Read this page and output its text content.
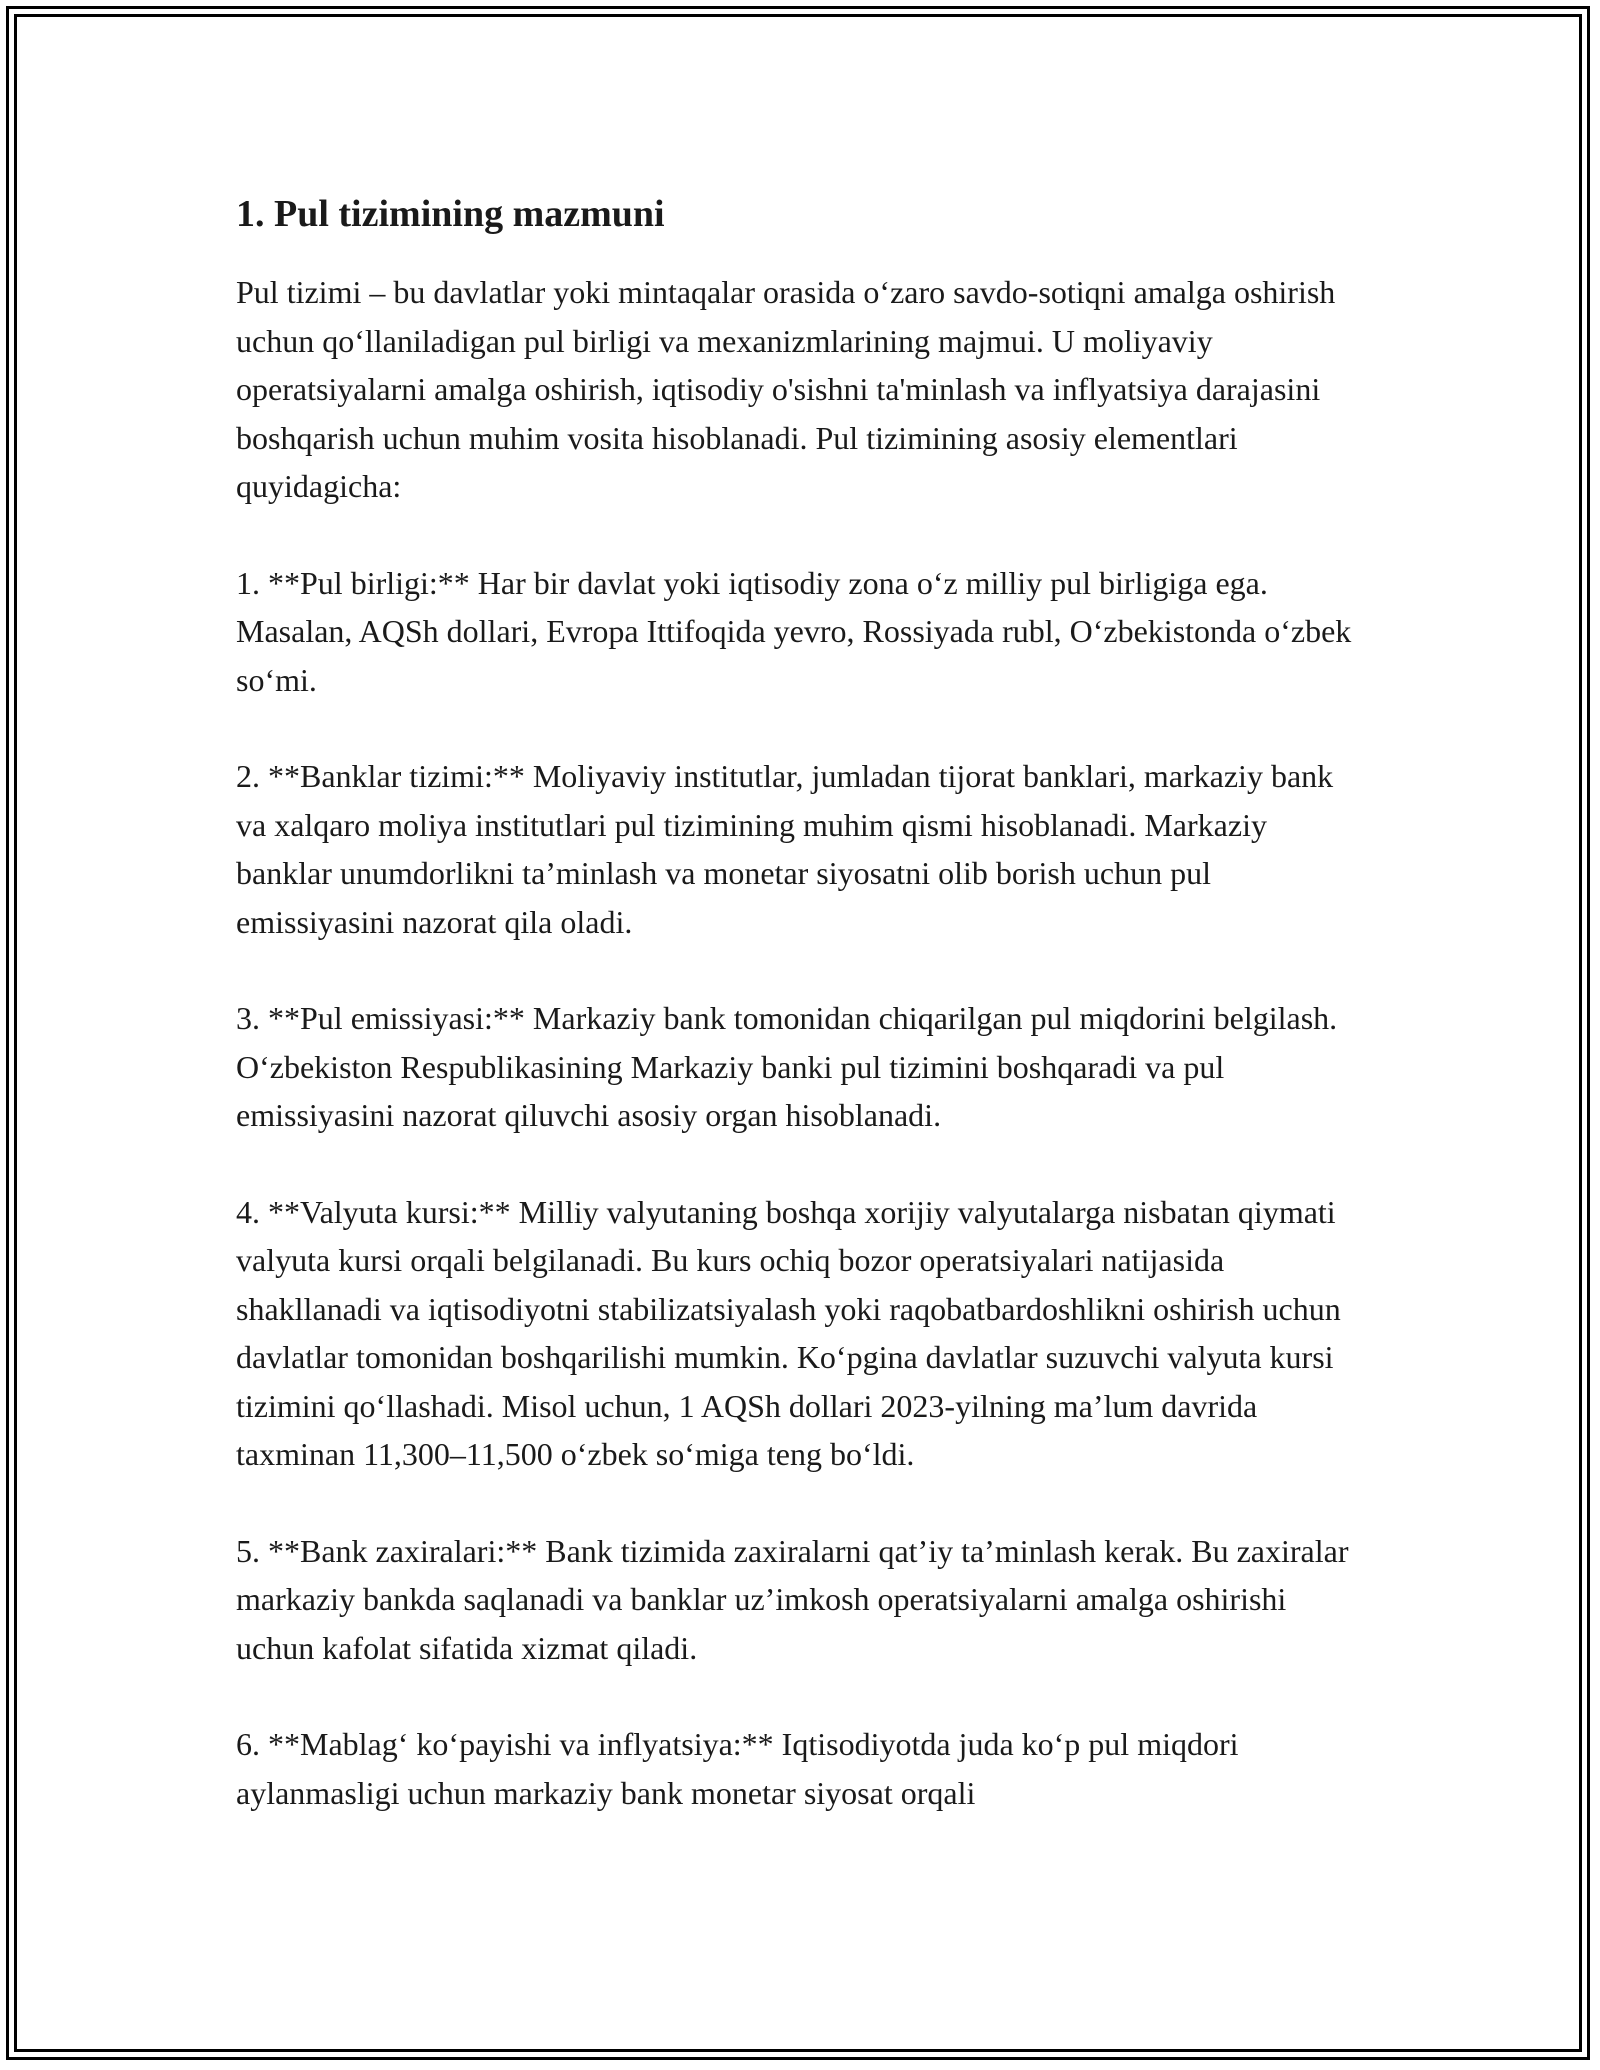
1. Pul tizimining mazmuni

Pul tizimi – bu davlatlar yoki mintaqalar orasida o‘zaro savdo-sotiqni amalga oshirish uchun qo‘llaniladigan pul birligi va mexanizmlarining majmui. U moliyaviy operatsiyalarni amalga oshirish, iqtisodiy o'sishni ta'minlash va inflyatsiya darajasini boshqarish uchun muhim vosita hisoblanadi. Pul tizimining asosiy elementlari quyidagicha:

1. **Pul birligi:** Har bir davlat yoki iqtisodiy zona o‘z milliy pul birligiga ega. Masalan, AQSh dollari, Evropa Ittifoqida yevro, Rossiyada rubl, O‘zbekistonda o‘zbek so‘mi.

2. **Banklar tizimi:** Moliyaviy institutlar, jumladan tijorat banklari, markaziy bank va xalqaro moliya institutlari pul tizimining muhim qismi hisoblanadi. Markaziy banklar unumdorlikni ta’minlash va monetar siyosatni olib borish uchun pul emissiyasini nazorat qila oladi.

3. **Pul emissiyasi:** Markaziy bank tomonidan chiqarilgan pul miqdorini belgilash. O‘zbekiston Respublikasining Markaziy banki pul tizimini boshqaradi va pul emissiyasini nazorat qiluvchi asosiy organ hisoblanadi.

4. **Valyuta kursi:** Milliy valyutaning boshqa xorijiy valyutalarga nisbatan qiymati valyuta kursi orqali belgilanadi. Bu kurs ochiq bozor operatsiyalari natijasida shakllanadi va iqtisodiyotni stabilizatsiyalash yoki raqobatbardoshlikni oshirish uchun davlatlar tomonidan boshqarilishi mumkin. Ko‘pgina davlatlar suzuvchi valyuta kursi tizimini qo‘llashadi. Misol uchun, 1 AQSh dollari 2023-yilning ma’lum davrida taxminan 11,300–11,500 o‘zbek so‘miga teng bo‘ldi.

5. **Bank zaxiralari:** Bank tizimida zaxiralarni qat’iy ta’minlash kerak. Bu zaxiralar markaziy bankda saqlanadi va banklar uz’imkosh operatsiyalarni amalga oshirishi uchun kafolat sifatida xizmat qiladi.

6. **Mablag‘ ko‘payishi va inflyatsiya:** Iqtisodiyotda juda ko‘p pul miqdori aylanmasligi uchun markaziy bank monetar siyosat orqali
